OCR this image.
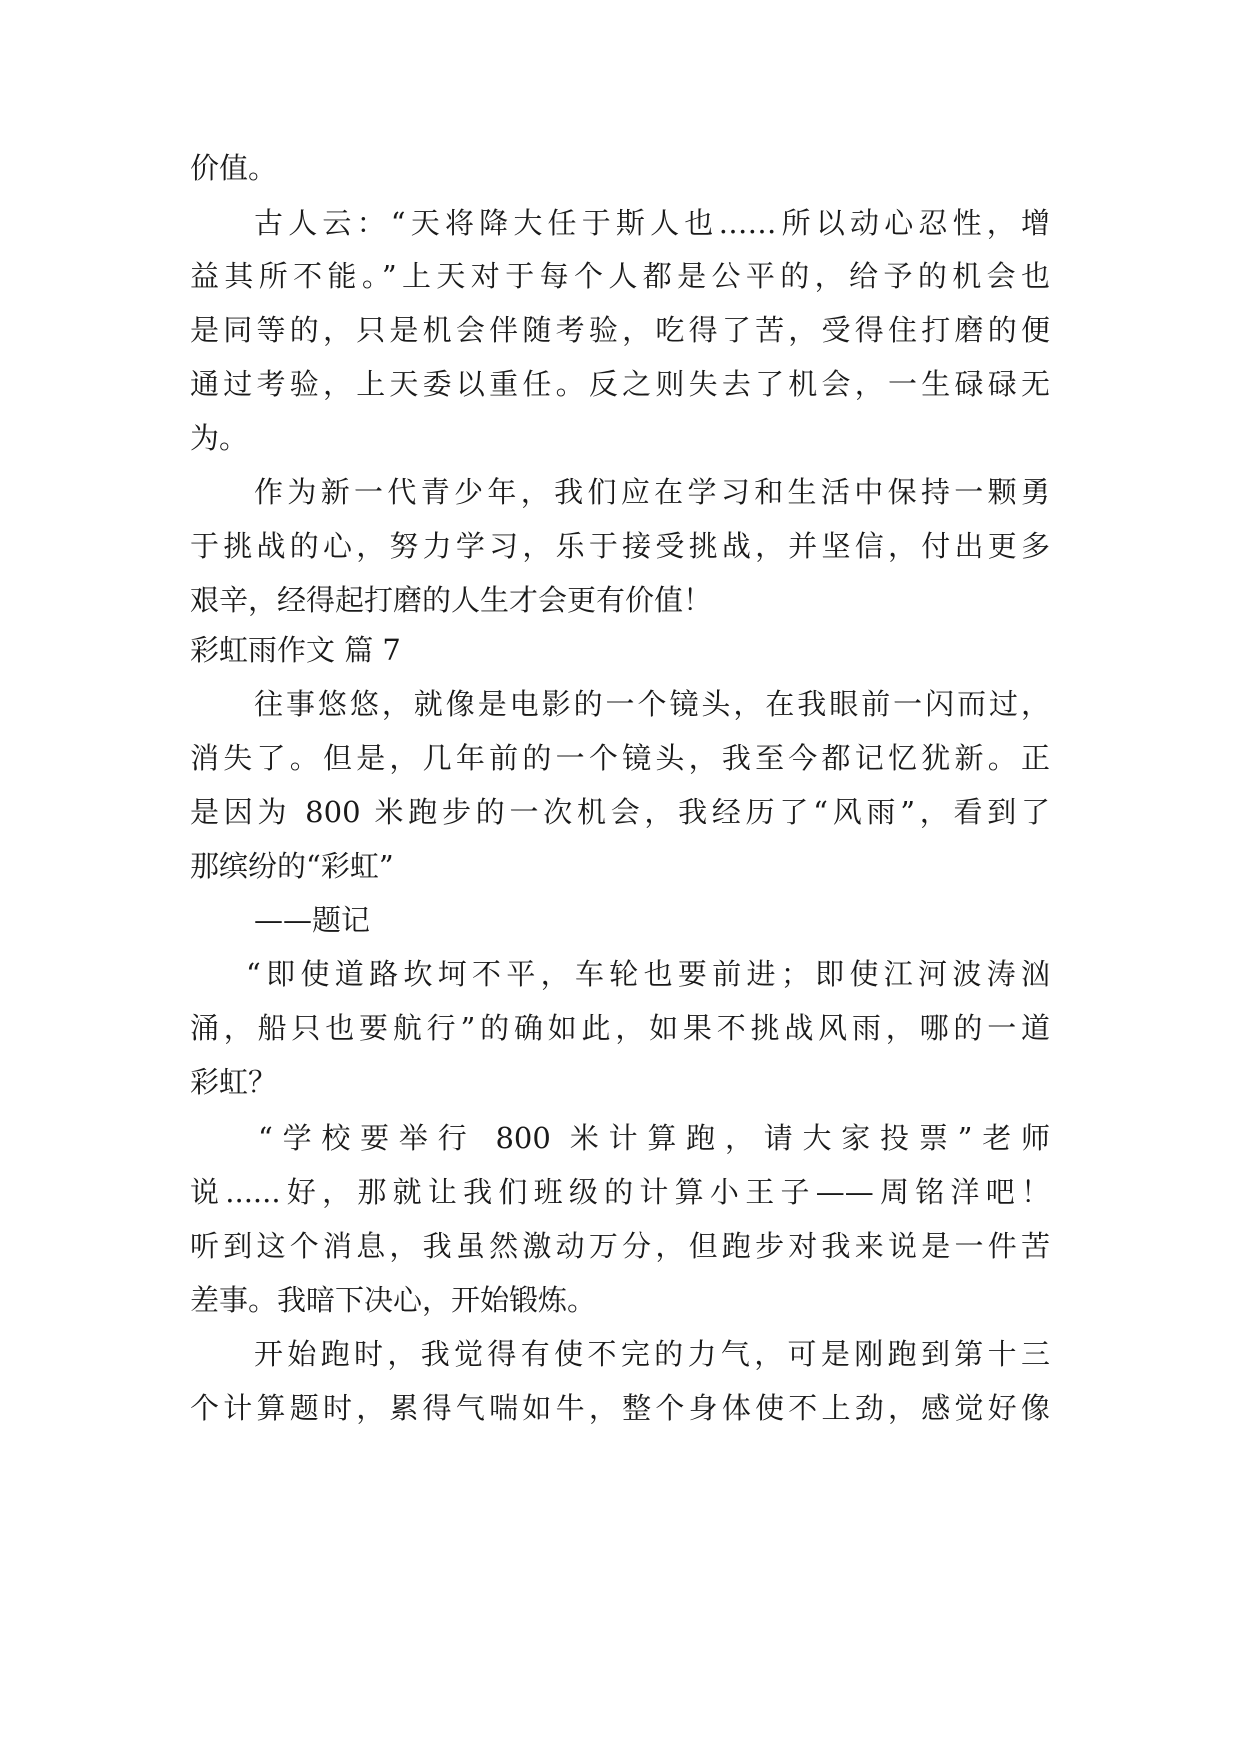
价值。
古人云：“天将降大任于斯人也……所以动心忍性，增
益其所不能。”上天对于每个人都是公平的，给予的机会也
是同等的，只是机会伴随考验，吃得了苦，受得住打磨的便
通过考验，上天委以重任。反之则失去了机会，一生碌碌无
为。
作为新一代青少年，我们应在学习和生活中保持一颗勇
于挑战的心，努力学习，乐于接受挑战，并坚信，付出更多
艰辛，经得起打磨的人生才会更有价值！
彩虹雨作文 篇 7
往事悠悠，就像是电影的一个镜头，在我眼前一闪而过，
消失了。但是，几年前的一个镜头，我至今都记忆犹新。正
是因为 800 米跑步的一次机会，我经历了“风雨”，看到了
那缤纷的“彩虹”
——题记
“即使道路坎坷不平，车轮也要前进；即使江河波涛汹
涌，船只也要航行”的确如此，如果不挑战风雨，哪的一道
彩虹？
“学校要举行 800 米计算跑，请大家投票”老师
说......好，那就让我们班级的计算小王子——周铭洋吧！
听到这个消息，我虽然激动万分，但跑步对我来说是一件苦
差事。我暗下决心，开始锻炼。
开始跑时，我觉得有使不完的力气，可是刚跑到第十三
个计算题时，累得气喘如牛，整个身体使不上劲，感觉好像
